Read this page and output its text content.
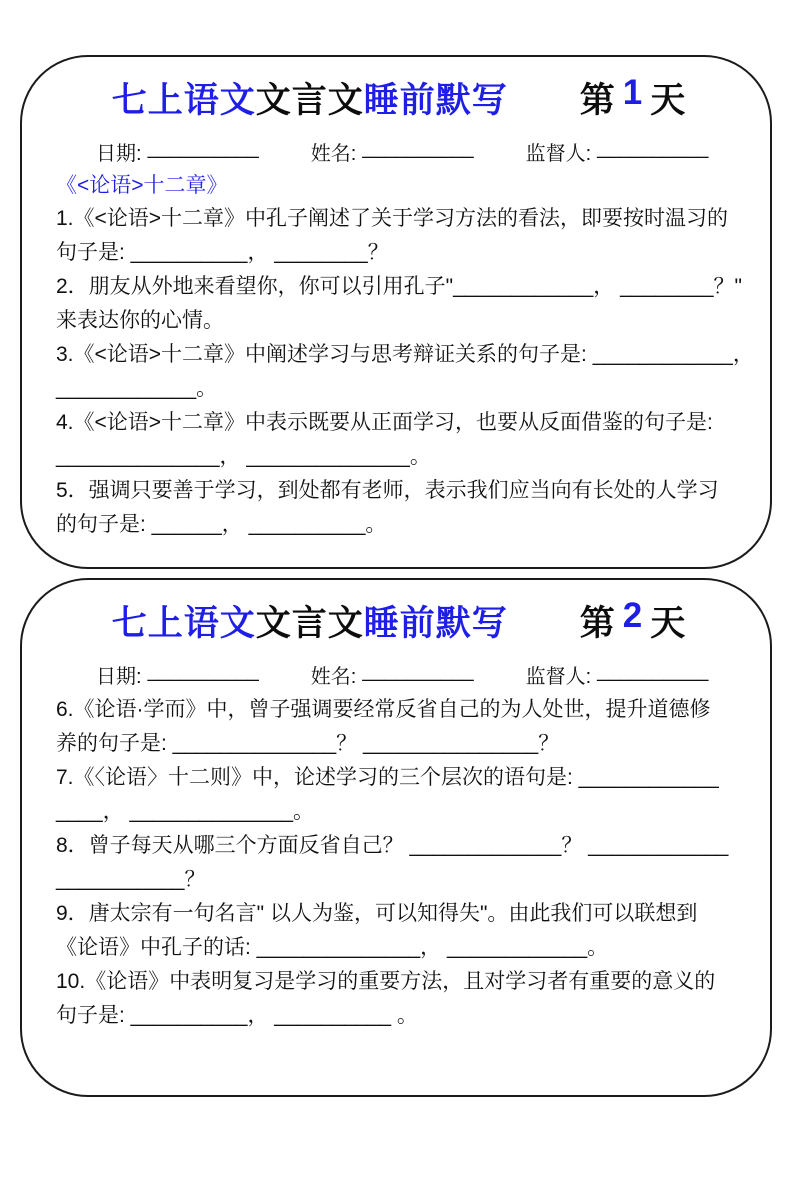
七上语文 文言文 睡前默写 第 1 天
日期: __________	姓名: __________	监督人: __________
《<论语>十二章》
1.《<论语>十二章》中孔子阐述了关于学习方法的看法，即要按时温习的
句子是: __________， ________？
2．朋友从外地来看望你，你可以引用孔子"____________， ________？"
来表达你的心情。
3.《<论语>十二章》中阐述学习与思考辩证关系的句子是: ____________，
____________。
4.《<论语>十二章》中表示既要从正面学习，也要从反面借鉴的句子是:
______________， ______________。
5．强调只要善于学习，到处都有老师，表示我们应当向有长处的人学习
的句子是: ______， __________。
七上语文 文言文 睡前默写 第 2 天
日期: __________	姓名: __________	监督人: __________
6.《论语·学而》中，曾子强调要经常反省自己的为人处世，提升道德修
养的句子是: ______________？ _______________？
7.《〈论语〉十二则》中，论述学习的三个层次的语句是: ____________
____， ______________。
8．曾子每天从哪三个方面反省自己？ _____________？ ____________
___________？
9．唐太宗有一句名言" 以人为鉴，可以知得失"。由此我们可以联想到
《论语》中孔子的话: ______________， ____________。
10.《论语》中表明复习是学习的重要方法，且对学习者有重要的意义的
句子是: __________， __________ 。
